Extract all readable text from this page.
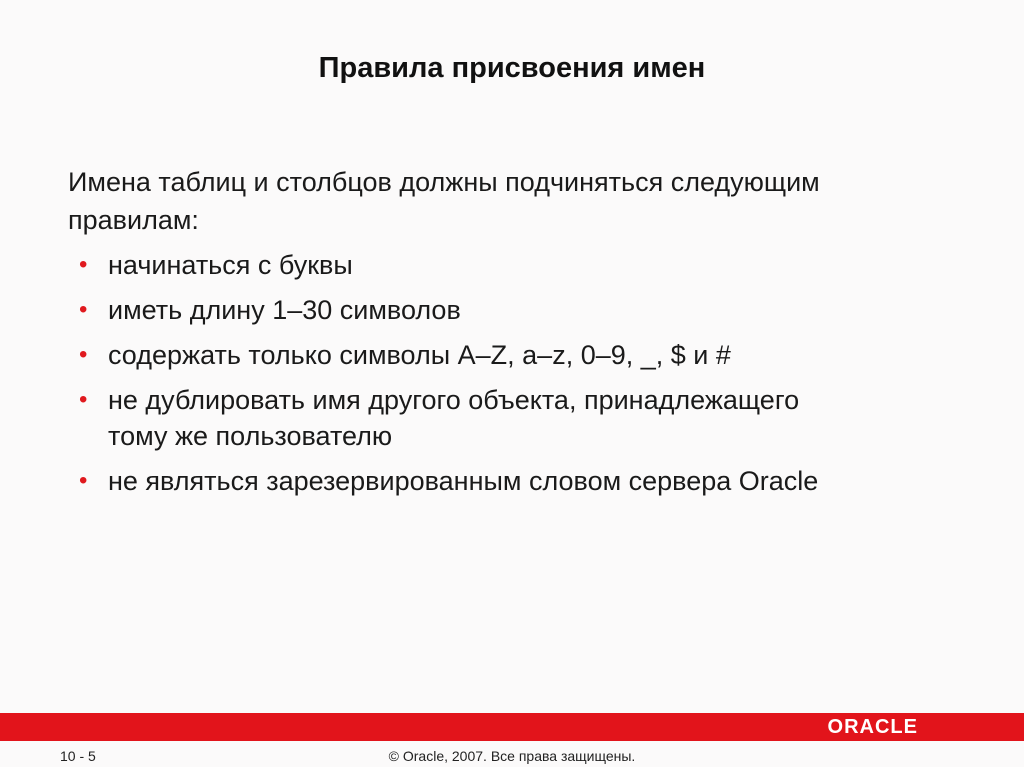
Правила присвоения имен
Имена таблиц и столбцов должны подчиняться следующим
правилам:
• начинаться с буквы
• иметь длину 1–30 символов
• содержать только символы A–Z, a–z, 0–9, _, $ и #
• не дублировать имя другого объекта, принадлежащего
тому же пользователю
• не являться зарезервированным словом сервера Oracle
ORACLE
10 - 5	© Oracle, 2007. Все права защищены.
